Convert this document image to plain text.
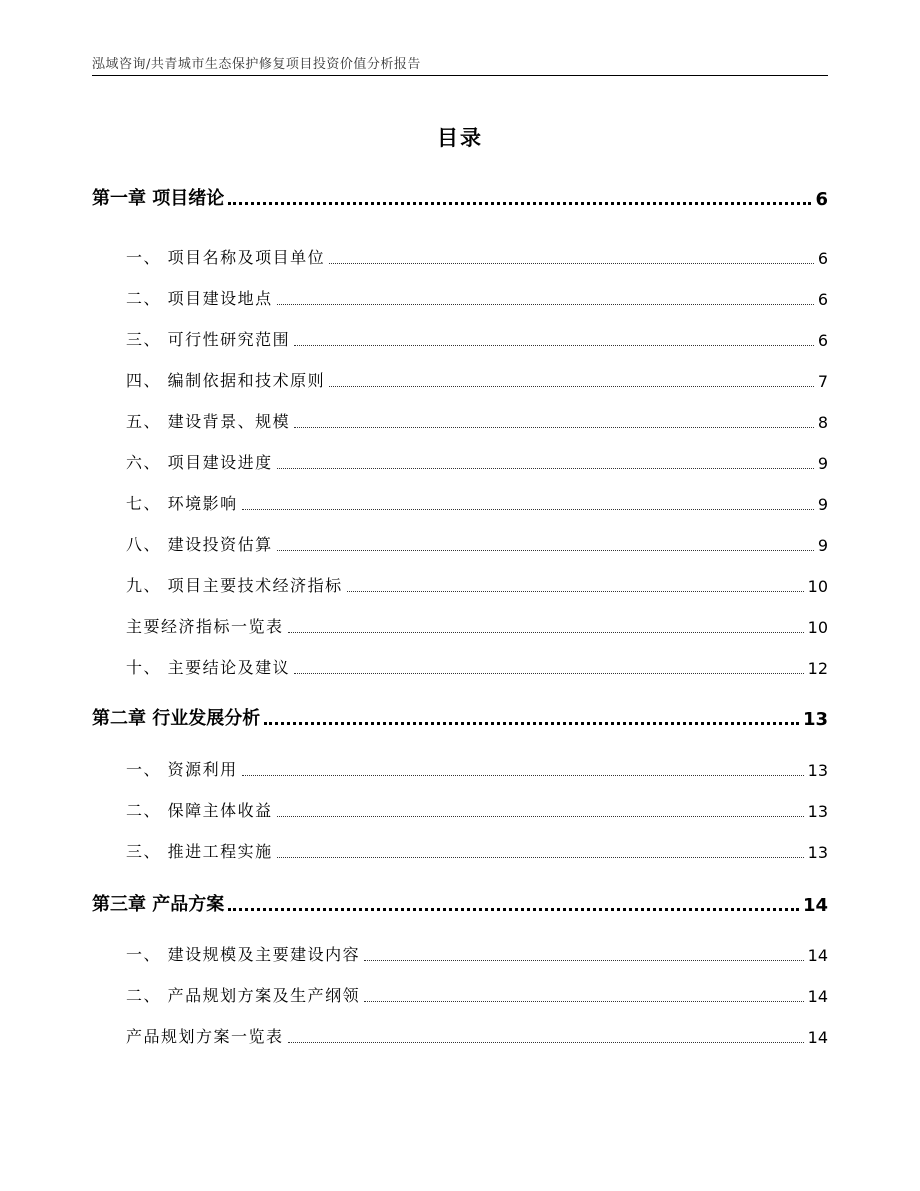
泓域咨询/共青城市生态保护修复项目投资价值分析报告
目录
第一章 项目绪论	6
一、 项目名称及项目单位	6
二、 项目建设地点	6
三、 可行性研究范围	6
四、 编制依据和技术原则	7
五、 建设背景、规模	8
六、 项目建设进度	9
七、 环境影响	9
八、 建设投资估算	9
九、 项目主要技术经济指标	10
主要经济指标一览表	10
十、 主要结论及建议	12
第二章 行业发展分析	13
一、 资源利用	13
二、 保障主体收益	13
三、 推进工程实施	13
第三章 产品方案	14
一、 建设规模及主要建设内容	14
二、 产品规划方案及生产纲领	14
产品规划方案一览表	14
